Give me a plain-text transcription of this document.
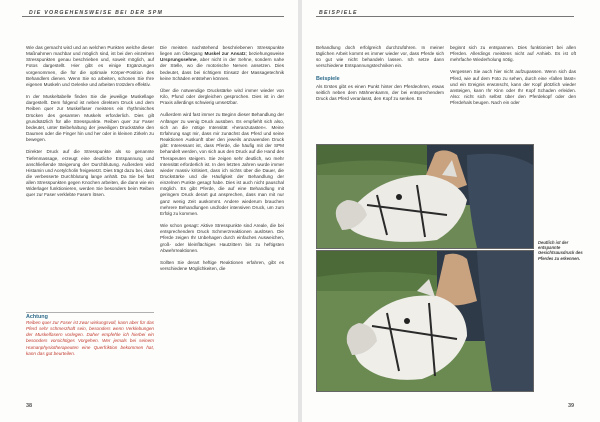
DIE VORGEHENSWEISE BEI DER SPM

Wie das gemacht wird und an welchen Punkten welche dieser Maßnahmen machbar und möglich sind, ist bei den einzelnen Stresspunkten genau beschrieben und, soweit möglich, auf Fotos dargestellt. Hier gibt es einige Ergänzungen vorgenommen, die für die optimale Körper-Position des Behandlers dienen. Wenn Sie so arbeiten, schonen Sie Ihre eigenen Muskeln und Gelenke und arbeiten trotzdem effektiv.

In der Muskeltabelle finden Sie die jeweilige Muskellage dargestellt. Dem folgend ist neben direktem Druck und dem Reiben quer zur Muskelfaser meistens ein rhythmisches Drücken des gesamten Muskels erforderlich. Dies gilt grundsätzlich für alle Stresspunkte. Reiben quer zur Faser bedeutet, unter Beibehaltung der jeweiligen Druckstärke den Daumen oder die Finger hin und her oder in kleinen Zirkeln zu bewegen.

Direkter Druck auf die Stresspunkte als so genannte Tiefenmassage, erzeugt eine deutliche Entspannung und anschließende Steigerung der Durchblutung. Außerdem wird Histamin und Acetylcholin freigesetzt. Dies trägt dazu bei, dass die verbesserte Durchblutung lange anhält. Da Sie bei fast allen Stresspunkten gegen Knochen arbeiten, die dann wie ein Widerlager funktionieren, werden Sie besonders beim Reiben quer zur Faser verklebte Fasern lösen.

Achtung
Reiben quer zur Faser ist zwar wirkungsvoll, kann aber für das Pferd sehr schmerzhaft sein, besonders wenn Verklebungen der Muskelfasern vorlegen. Daher empfehle ich hierbei ein besonders vorsichtiges Vorgehen. Wer jemals bei seinem Humanphysiotherapeuten eine Querfriktion bekommen hat, kann das gut beurteilen.

Die meisten nachstehend beschriebenen Stresspunkte liegen am Übergang Muskel zur Ansatz; beziehungsweise Ursprungssehne, aber nicht in der Sehne, sondern nahe der Stelle, wo die motorische Nerven ansetzen. Dies bedeutet, dass bei richtigem Einsatz der Massagetechnik keine Schäden entstehen können.

Über die notwendige Druckstärke wird immer wieder von Kilo, Pfund oder dergleichen gesprochen. Dies ist in der Praxis allerdings schwierig umsetzbar.

Außerdem wird fast immer zu Beginn dieser Behandlung der Anfänger zu wenig Druck ausüben. Es empfiehlt sich also, sich an die nötige Intensität »heranzutasten«. Meine Erfahrung sagt mir, dass mir zunächst das Pferd und seine Reaktionen Auskunft über den jeweils anzuwenden Druck gibt: Interessant ist, dass Pferde, die häufig mit der SPM behandelt werden, von sich aus den Druck auf die Hand des Therapeuten steigern. Sie zeigen sehr deutlich, wo mehr Intensität erforderlich ist. In den letzten Jahren wurde immer wieder massiv kritisiert, dass ich nichts über die Dauer, die Druckstärke und die Häufigkeit der Behandlung der einzelnen Punkte gesagt habe. Dies ist auch nicht pauschal möglich. Es gibt Pferde, die auf eine Behandlung mit geringem Druck derart gut ansprechen, dass man mit nur ganz wenig Zeit auskommt. Andere wiederum brauchen mehrere Behandlungen und/oder intensiven Druck, um zum Erfolg zu kommen.

Wie schon gesagt: Aktive Stresspunkte sind Areale, die bei entsprechendem Druck Schmerzreaktionen auslösen. Die Pferde zeigen Ihr Unbehagen durch einfaches Ausweichen, groß- oder kleinflächiges Hautzittern bis zu heftigsten Abwehrreaktionen.

Sollten Sie derart heftige Reaktionen erfahren, gibt es verschiedene Möglichkeiten, die

38
BEISPIELE

Behandlung doch erfolgreich durchzuführen. In meiner täglichen Arbeit kommt es immer wieder vor, dass Pferde sich so gut wie nicht behandeln lassen. Ich setze dann verschiedene Entspannungstechniken ein.

Beispiele

Als Erstes gibt es einen Punkt hinter den Pferdeohren, etwas seitlich neben dem Mähnenkamm, der bei entsprechendem Druck das Pferd veranlasst, den Kopf zu senken. Es

beginnt sich zu entspannen. Dies funktioniert bei allen Pferden. Allerdings meistens nicht auf Anhieb. Es ist oft mehrfache Wiederholung nötig.

Vergessen Sie auch hier nicht aufzupassen. Wenn sich das Pferd, wie auf dem Foto zu sehen, durch eine »fallen lässt« und ein Ereignis erwünscht, kann der Kopf plötzlich wieder ansteigen, kann Ihr Kinn oder Ihr Kopf Schaden erleiden. Also: nicht sich selbst über den Pferdekopf oder den Pferdehals beugen. Nach ein oder

Deutlich ist der entspannte Gesichtsausdruck des Pferdes zu erkennen.
39
